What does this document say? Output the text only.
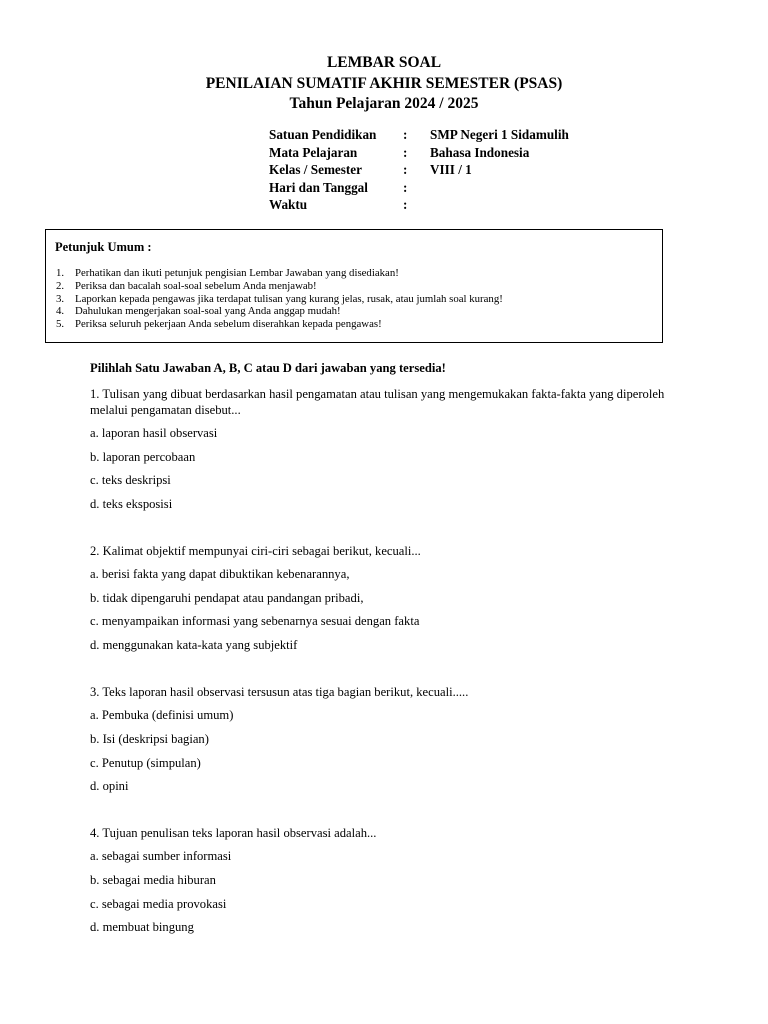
LEMBAR SOAL
PENILAIAN SUMATIF AKHIR SEMESTER (PSAS)
Tahun Pelajaran 2024 / 2025
Satuan Pendidikan : SMP Negeri 1 Sidamulih
Mata Pelajaran	: Bahasa Indonesia
Kelas / Semester	: VIII / 1
Hari dan Tanggal	:
Waktu	:
Petunjuk Umum :
1. Perhatikan dan ikuti petunjuk pengisian Lembar Jawaban yang disediakan!
2. Periksa dan bacalah soal-soal sebelum Anda menjawab!
3. Laporkan kepada pengawas jika terdapat tulisan yang kurang jelas, rusak, atau jumlah soal kurang!
4. Dahulukan mengerjakan soal-soal yang Anda anggap mudah!
5. Periksa seluruh pekerjaan Anda sebelum diserahkan kepada pengawas!
Pilihlah Satu Jawaban A, B, C atau D dari jawaban yang tersedia!
1. Tulisan yang dibuat berdasarkan hasil pengamatan atau tulisan yang mengemukakan fakta-fakta yang diperoleh melalui pengamatan disebut...
a. laporan hasil observasi
b. laporan percobaan
c. teks deskripsi
d. teks eksposisi
2. Kalimat objektif mempunyai ciri-ciri sebagai berikut, kecuali...
a. berisi fakta yang dapat dibuktikan kebenarannya,
b. tidak dipengaruhi pendapat atau pandangan pribadi,
c. menyampaikan informasi yang sebenarnya sesuai dengan fakta
d. menggunakan kata-kata yang subjektif
3. Teks laporan hasil observasi tersusun atas tiga bagian berikut, kecuali.....
a. Pembuka (definisi umum)
b. Isi (deskripsi bagian)
c. Penutup (simpulan)
d. opini
4. Tujuan penulisan teks laporan hasil observasi adalah...
a. sebagai sumber informasi
b. sebagai media hiburan
c. sebagai media provokasi
d. membuat bingung
